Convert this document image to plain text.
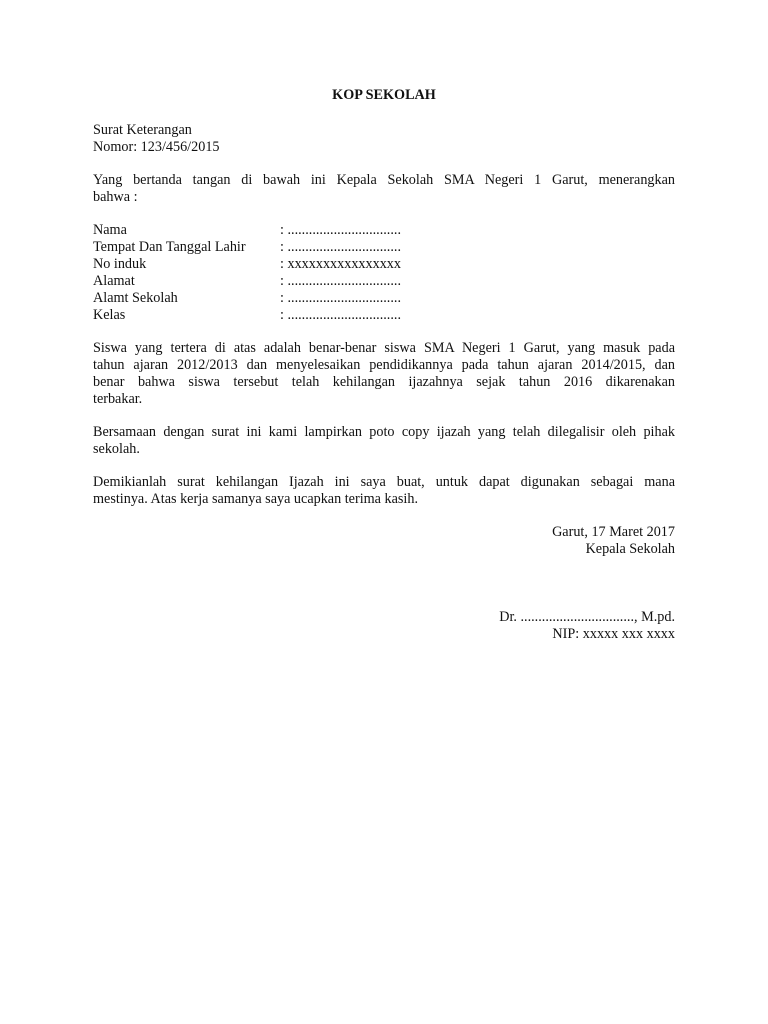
KOP SEKOLAH
Surat Keterangan
Nomor: 123/456/2015
Yang bertanda tangan di bawah ini Kepala Sekolah SMA Negeri 1 Garut, menerangkan
bahwa :
Nama	: ................................
Tempat Dan Tanggal Lahir : ................................
No induk	: xxxxxxxxxxxxxxxx
Alamat	: ................................
Alamt Sekolah	: ................................
Kelas	: ................................
Siswa yang tertera di atas adalah benar-benar siswa SMA Negeri 1 Garut, yang masuk pada
tahun ajaran 2012/2013 dan menyelesaikan pendidikannya pada tahun ajaran 2014/2015, dan
benar bahwa siswa tersebut telah kehilangan ijazahnya sejak tahun 2016 dikarenakan
terbakar.
Bersamaan dengan surat ini kami lampirkan poto copy ijazah yang telah dilegalisir oleh pihak
sekolah.
Demikianlah surat kehilangan Ijazah ini saya buat, untuk dapat digunakan sebagai mana
mestinya. Atas kerja samanya saya ucapkan terima kasih.
Garut, 17 Maret 2017
Kepala Sekolah
Dr. ................................, M.pd.
NIP: xxxxx xxx xxxx
